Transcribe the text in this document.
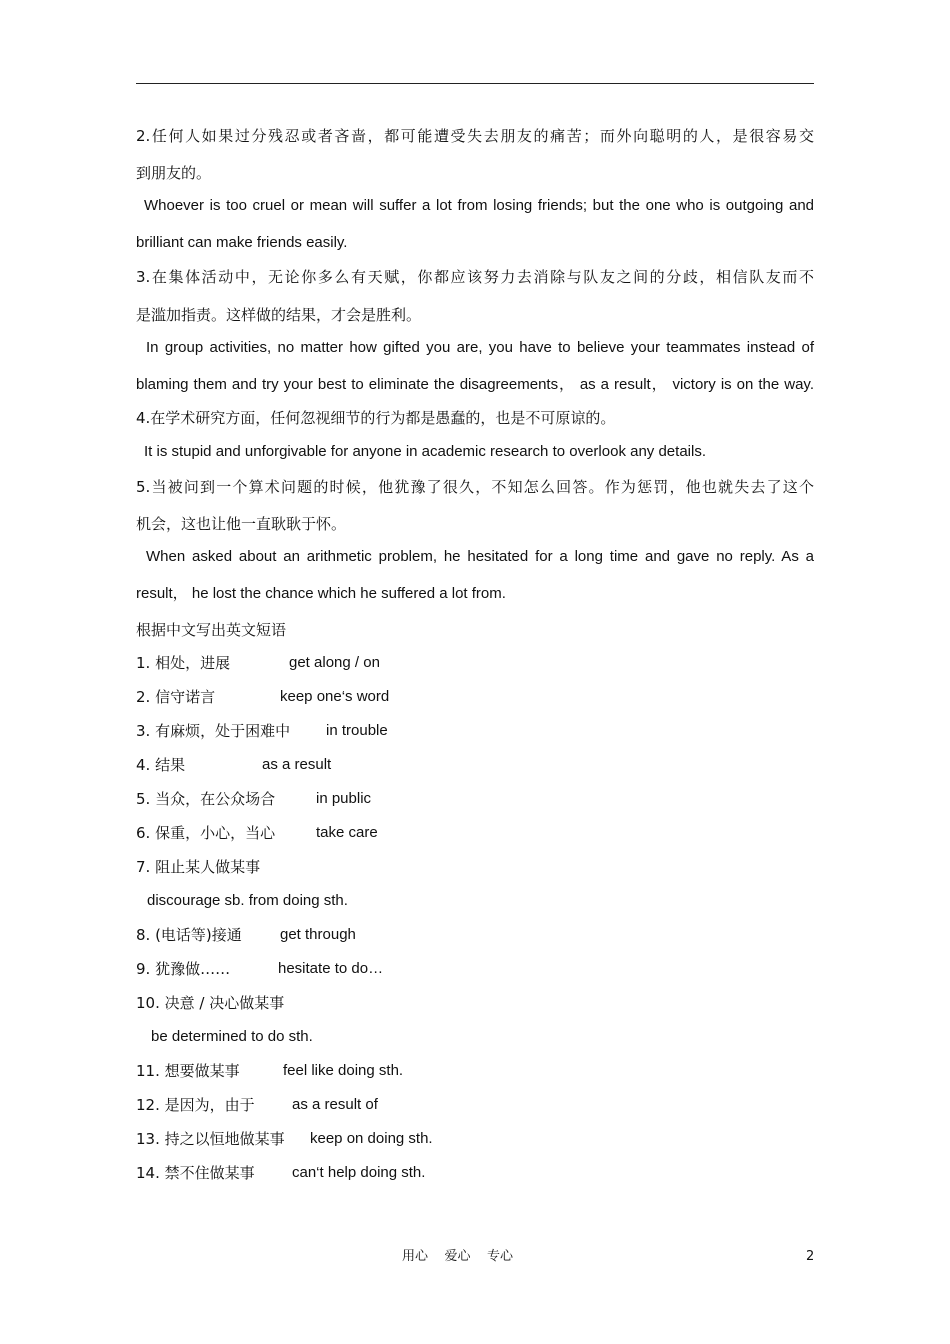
2.任何人如果过分残忍或者吝啬，都可能遭受失去朋友的痛苦；而外向聪明的人，是很容易交
到朋友的。
Whoever is too cruel or mean will suffer a lot from losing friends; but the one who is outgoing and
brilliant can make friends easily.
3.在集体活动中，无论你多么有天赋，你都应该努力去消除与队友之间的分歧，相信队友而不
是滥加指责。这样做的结果，才会是胜利。
In group activities, no matter how gifted you are, you have to believe your teammates instead of
blaming them and try your best to eliminate the disagreements， as a result， victory is on the way.
4.在学术研究方面，任何忽视细节的行为都是愚蠢的，也是不可原谅的。
It is stupid and unforgivable for anyone in academic research to overlook any details.
5.当被问到一个算术问题的时候，他犹豫了很久，不知怎么回答。作为惩罚，他也就失去了这个
机会，这也让他一直耿耿于怀。
When asked about an arithmetic problem, he hesitated for a long time and gave no reply. As a
result， he lost the chance which he suffered a lot from.
根据中文写出英文短语
1. 相处，进展	get along / on
2. 信守诺言	keep one‘s word
3. 有麻烦，处于困难中 in trouble
4. 结果	as a result
5. 当众，在公众场合	in public
6. 保重，小心，当心	take care
7. 阻止某人做某事
discourage sb. from doing sth.
8. (电话等)接通	get through
9. 犹豫做……	hesitate to do…
10. 决意 / 决心做某事
be determined to do sth.
11. 想要做某事	feel like doing sth.
12. 是因为，由于 as a result of
13. 持之以恒地做某事 keep on doing sth.
14. 禁不住做某事 can‘t help doing sth.
用心    爱心    专心	2
